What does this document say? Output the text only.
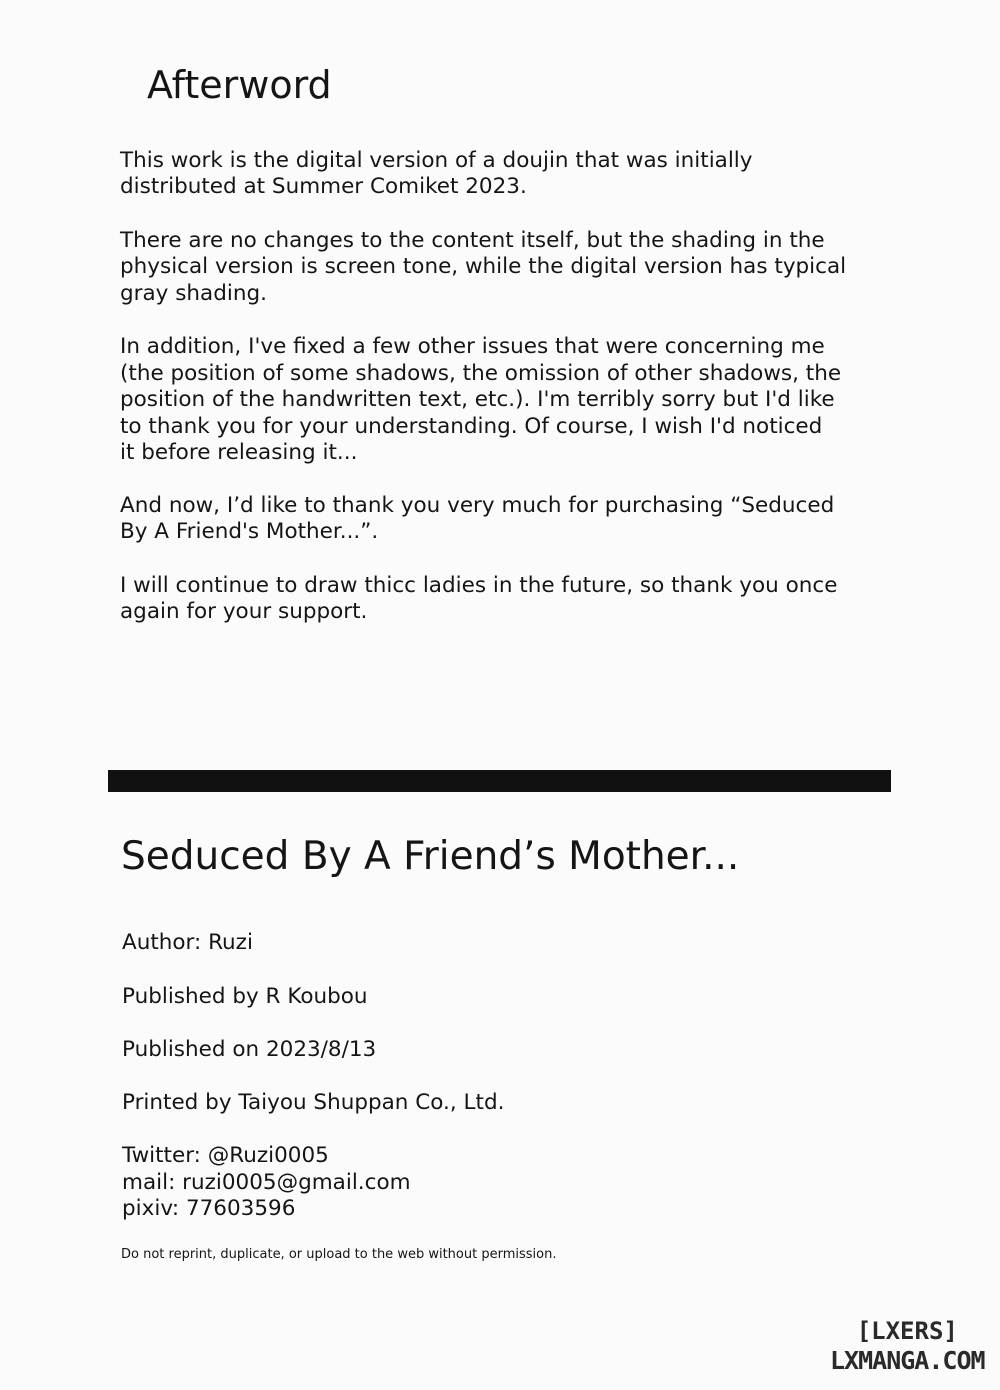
Afterword
This work is the digital version of a doujin that was initially
distributed at Summer Comiket 2023.
There are no changes to the content itself, but the shading in the
physical version is screen tone, while the digital version has typical
gray shading.
In addition, I've fixed a few other issues that were concerning me
(the position of some shadows, the omission of other shadows, the
position of the handwritten text, etc.). I'm terribly sorry but I'd like
to thank you for your understanding. Of course, I wish I'd noticed
it before releasing it...
And now, I’d like to thank you very much for purchasing “Seduced
By A Friend's Mother...”.
I will continue to draw thicc ladies in the future, so thank you once
again for your support.
Seduced By A Friend’s Mother...
Author: Ruzi
Published by R Koubou
Published on 2023/8/13
Printed by Taiyou Shuppan Co., Ltd.
Twitter: @Ruzi0005
mail: ruzi0005@gmail.com
pixiv: 77603596
Do not reprint, duplicate, or upload to the web without permission.
[LXERS]
LXMANGA.COM
